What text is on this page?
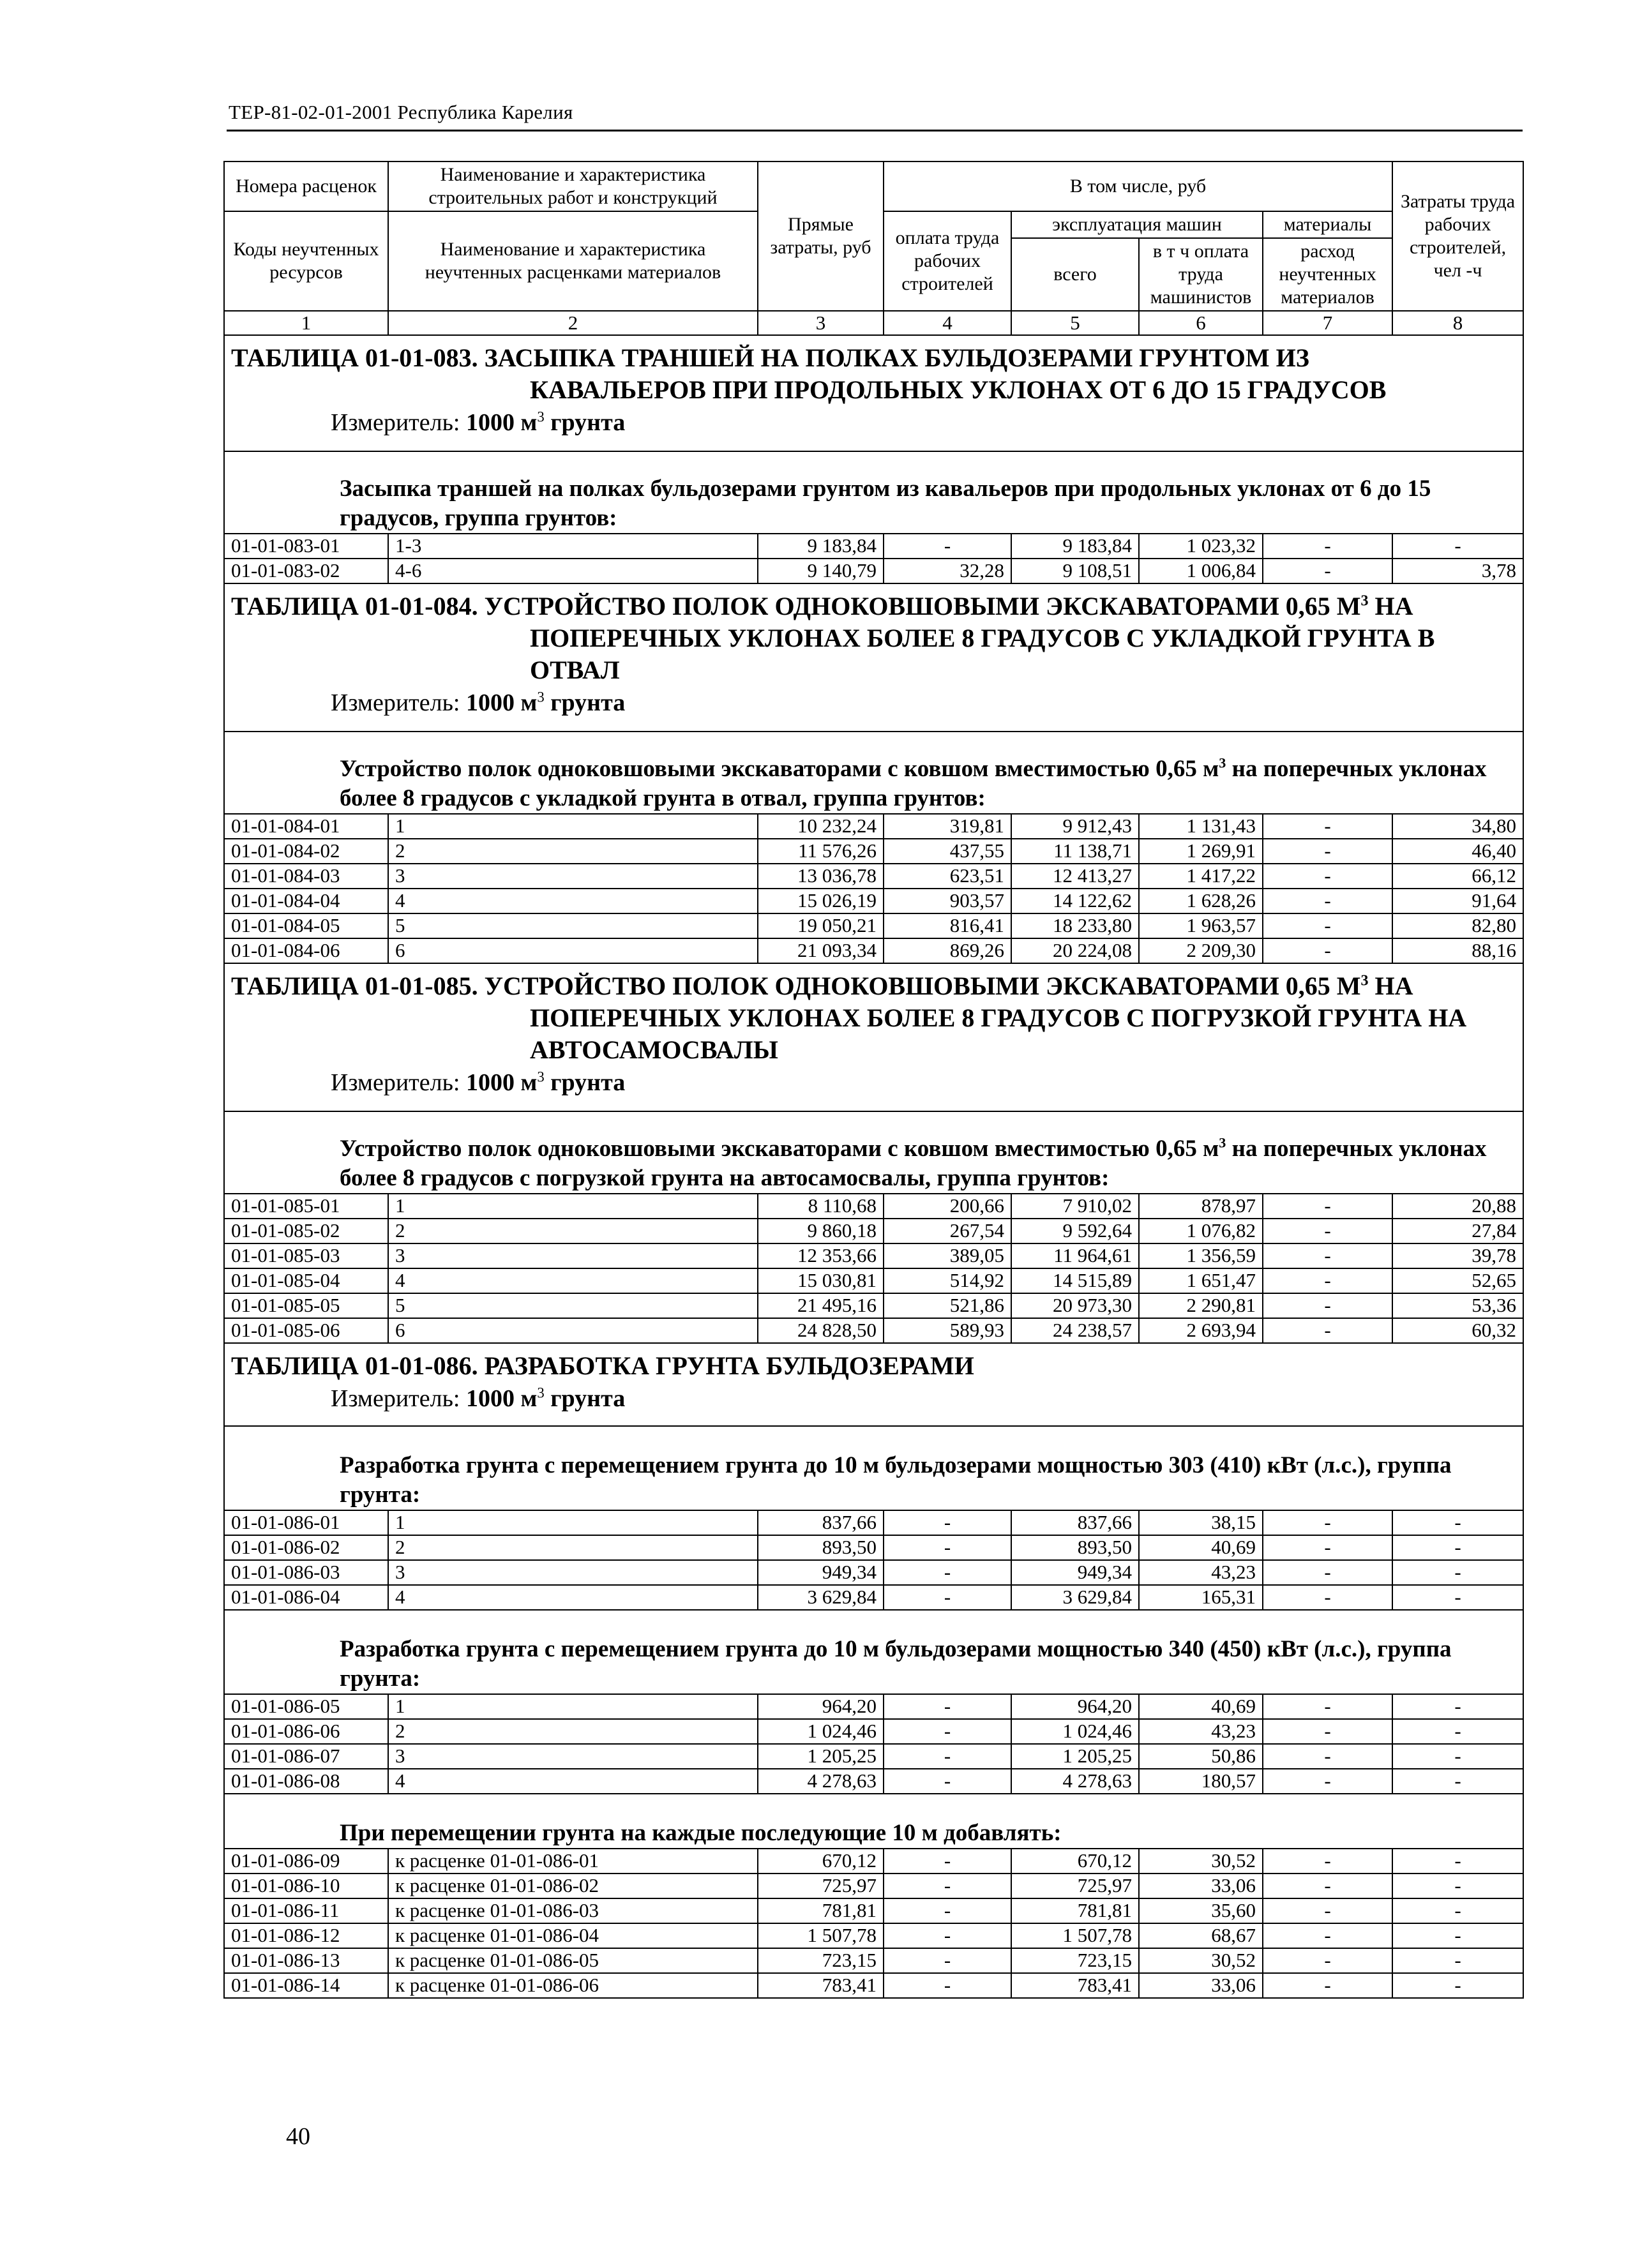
ТЕР-81-02-01-2001 Республика Карелия
Номера расценок	Наименование и характеристика строительных работ и конструкций	Прямые затраты, руб	В том числе, руб				Затраты труда рабочих строителей, чел -ч
Коды неучтенных ресурсов	Наименование и характеристика неучтенных расценками материалов		оплата труда рабочих строителей	эксплуатация машин		материалы	
				всего	в т ч оплата труда машинистов	расход неучтенных материалов	
1	2	3	4	5	6	7	8
ТАБЛИЦА 01-01-083. ЗАСЫПКА ТРАНШЕЙ НА ПОЛКАХ БУЛЬДОЗЕРАМИ ГРУНТОМ ИЗ
КАВАЛЬЕРОВ ПРИ ПРОДОЛЬНЫХ УКЛОНАХ ОТ 6 ДО 15 ГРАДУСОВ
Измеритель: 1000 $м^3$ грунта							

Засыпка траншей на полках бульдозерами грунтом из кавальеров при продольных уклонах от 6 до 15 градусов, группа грунтов:							
01-01-083-01	1-3	9 183,84	-	9 183,84	1 023,32	-	-
01-01-083-02	4-6	9 140,79	32,28	9 108,51	1 006,84	-	3,78
ТАБЛИЦА 01-01-084. УСТРОЙСТВО ПОЛОК ОДНОКОВШОВЫМИ ЭКСКАВАТОРАМИ 0,65 $М^3$ НА
ПОПЕРЕЧНЫХ УКЛОНАХ БОЛЕЕ 8 ГРАДУСОВ С УКЛАДКОЙ ГРУНТА В
ОТВАЛ
Измеритель: 1000 $м^3$ грунта							

Устройство полок одноковшовыми экскаваторами с ковшом вместимостью 0,65 $м^3$ на поперечных уклонах более 8 градусов с укладкой грунта в отвал, группа грунтов:							
01-01-084-01	1	10 232,24	319,81	9 912,43	1 131,43	-	34,80
01-01-084-02	2	11 576,26	437,55	11 138,71	1 269,91	-	46,40
01-01-084-03	3	13 036,78	623,51	12 413,27	1 417,22	-	66,12
01-01-084-04	4	15 026,19	903,57	14 122,62	1 628,26	-	91,64
01-01-084-05	5	19 050,21	816,41	18 233,80	1 963,57	-	82,80
01-01-084-06	6	21 093,34	869,26	20 224,08	2 209,30	-	88,16
ТАБЛИЦА 01-01-085. УСТРОЙСТВО ПОЛОК ОДНОКОВШОВЫМИ ЭКСКАВАТОРАМИ 0,65 $М^3$ НА
ПОПЕРЕЧНЫХ УКЛОНАХ БОЛЕЕ 8 ГРАДУСОВ С ПОГРУЗКОЙ ГРУНТА НА
АВТОСАМОСВАЛЫ
Измеритель: 1000 $м^3$ грунта							

Устройство полок одноковшовыми экскаваторами с ковшом вместимостью 0,65 $м^3$ на поперечных уклонах более 8 градусов с погрузкой грунта на автосамосвалы, группа грунтов:							
01-01-085-01	1	8 110,68	200,66	7 910,02	878,97	-	20,88
01-01-085-02	2	9 860,18	267,54	9 592,64	1 076,82	-	27,84
01-01-085-03	3	12 353,66	389,05	11 964,61	1 356,59	-	39,78
01-01-085-04	4	15 030,81	514,92	14 515,89	1 651,47	-	52,65
01-01-085-05	5	21 495,16	521,86	20 973,30	2 290,81	-	53,36
01-01-085-06	6	24 828,50	589,93	24 238,57	2 693,94	-	60,32
ТАБЛИЦА 01-01-086. РАЗРАБОТКА ГРУНТА БУЛЬДОЗЕРАМИ
Измеритель: 1000 $м^3$ грунта							

Разработка грунта с перемещением грунта до 10 м бульдозерами мощностью 303 (410) кВт (л.с.), группа грунта:							
01-01-086-01	1	837,66	-	837,66	38,15	-	-
01-01-086-02	2	893,50	-	893,50	40,69	-	-
01-01-086-03	3	949,34	-	949,34	43,23	-	-
01-01-086-04	4	3 629,84	-	3 629,84	165,31	-	-
Разработка грунта с перемещением грунта до 10 м бульдозерами мощностью 340 (450) кВт (л.с.), группа грунта:							
01-01-086-05	1	964,20	-	964,20	40,69	-	-
01-01-086-06	2	1 024,46	-	1 024,46	43,23	-	-
01-01-086-07	3	1 205,25	-	1 205,25	50,86	-	-
01-01-086-08	4	4 278,63	-	4 278,63	180,57	-	-
При перемещении грунта на каждые последующие 10 м добавлять:							
01-01-086-09	к расценке 01-01-086-01	670,12	-	670,12	30,52	-	-
01-01-086-10	к расценке 01-01-086-02	725,97	-	725,97	33,06	-	-
01-01-086-11	к расценке 01-01-086-03	781,81	-	781,81	35,60	-	-
01-01-086-12	к расценке 01-01-086-04	1 507,78	-	1 507,78	68,67	-	-
01-01-086-13	к расценке 01-01-086-05	723,15	-	723,15	30,52	-	-
01-01-086-14	к расценке 01-01-086-06	783,41	-	783,41	33,06	-	-
40
